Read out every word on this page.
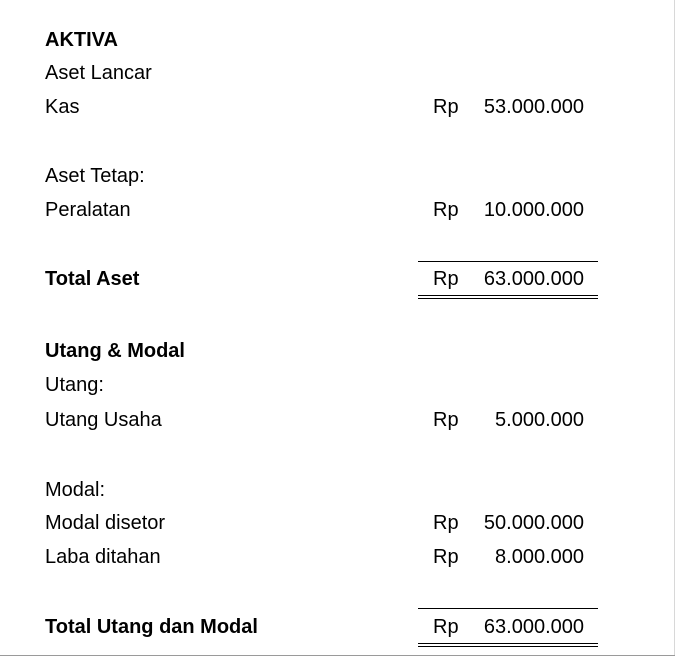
AKTIVA
Aset Lancar
Kas	Rp 53.000.000
Aset Tetap:
Peralatan	Rp 10.000.000
Total Aset	Rp 63.000.000
Utang & Modal
Utang:
Utang Usaha	Rp 5.000.000
Modal:
Modal disetor	Rp 50.000.000
Laba ditahan	Rp 8.000.000
Total Utang dan Modal	Rp 63.000.000
